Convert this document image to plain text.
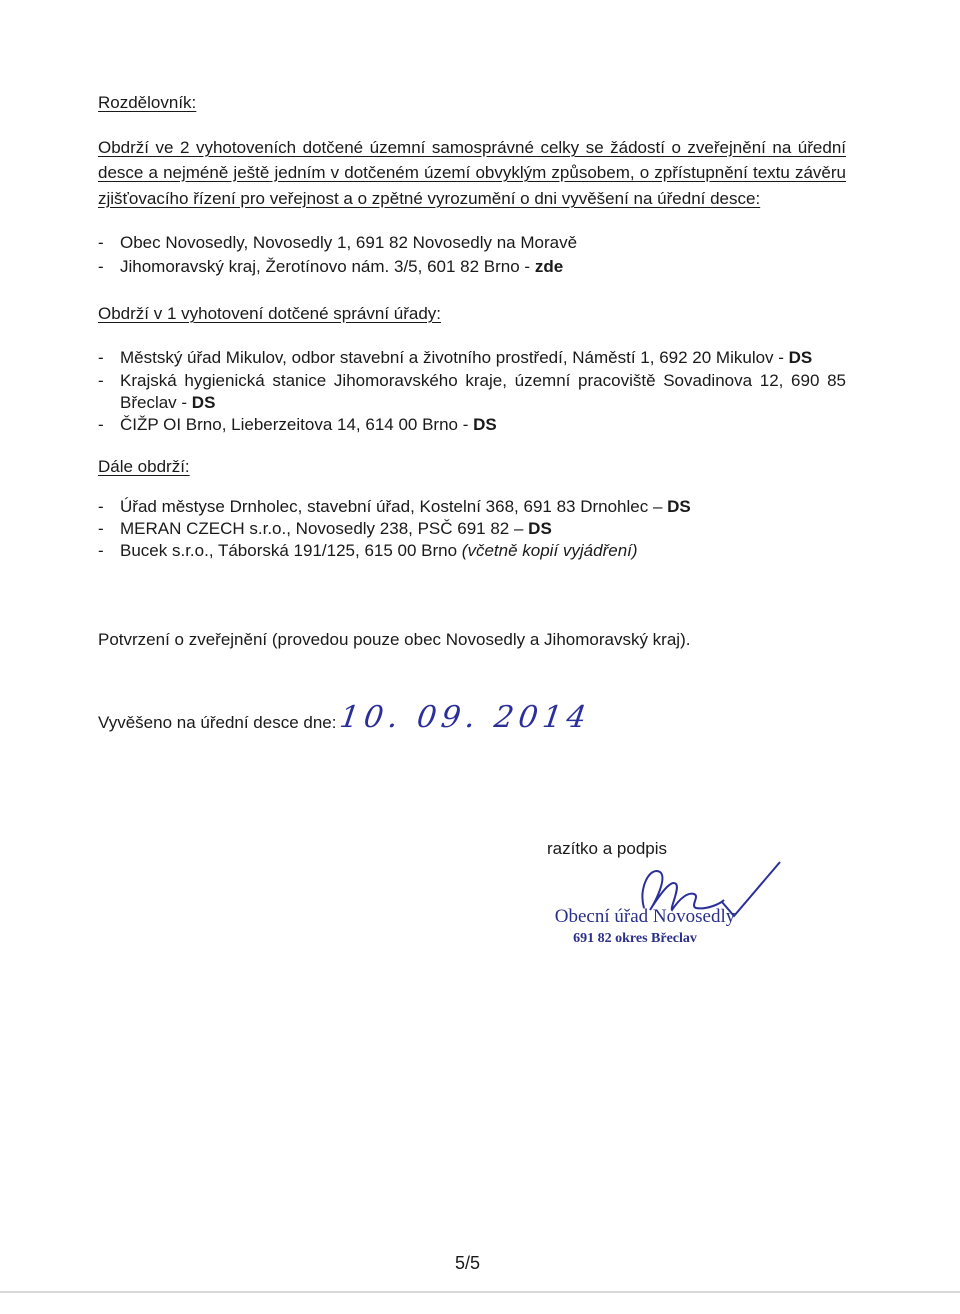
Rozdělovník:
Obdrží ve 2 vyhotoveních dotčené územní samosprávné celky se žádostí o zveřejnění na úřední
desce a nejméně ještě jedním v dotčeném území obvyklým způsobem, o zpřístupnění textu závěru
zjišťovacího řízení pro veřejnost a o zpětné vyrozumění o dni vyvěšení na úřední desce:
- Obec Novosedly, Novosedly 1, 691 82 Novosedly na Moravě
- Jihomoravský kraj, Žerotínovo nám. 3/5, 601 82 Brno - zde
Obdrží v 1 vyhotovení dotčené správní úřady:
- Městský úřad Mikulov, odbor stavební a životního prostředí, Náměstí 1, 692 20 Mikulov - DS
- Krajská hygienická stanice Jihomoravského kraje, územní pracoviště Sovadinova 12, 690 85
Břeclav - DS
- ČIŽP OI Brno, Lieberzeitova 14, 614 00 Brno - DS
Dále obdrží:
- Úřad městyse Drnholec, stavební úřad, Kostelní 368, 691 83 Drnohlec – DS
- MERAN CZECH s.r.o., Novosedly 238, PSČ 691 82 – DS
- Bucek s.r.o., Táborská 191/125, 615 00 Brno (včetně kopií vyjádření)
Potvrzení o zveřejnění (provedou pouze obec Novosedly a Jihomoravský kraj).
Vyvěšeno na úřední desce dne: 10. 09. 2014
razítko a podpis
Obecní úřad Novosedly
691 82 okres Břeclav
5/5
